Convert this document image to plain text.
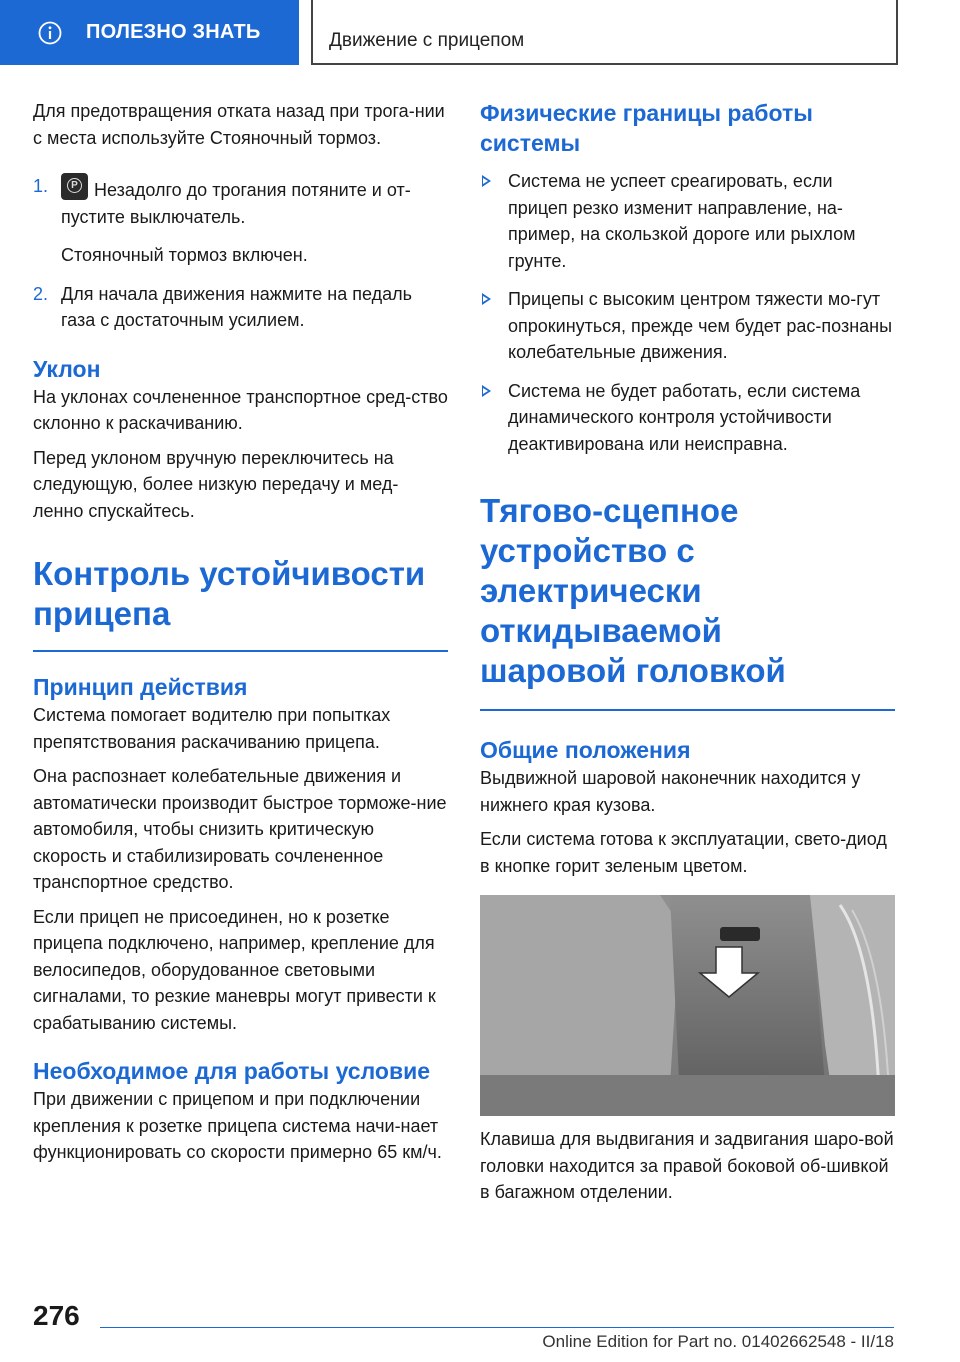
ПОЛЕЗНО ЗНАТЬ	Движение с прицепом

Для предотвращения отката назад при трога-нии с места используйте Стояночный тормоз.

1.

P	Незадолго до трогания потяните и от-пустите выключатель.

Стояночный тормоз включен.

2. Для начала движения нажмите на педаль газа с достаточным усилием.

Уклон

На уклонах сочлененное транспортное сред-ство склонно к раскачиванию.

Перед уклоном вручную переключитесь на следующую, более низкую передачу и мед-ленно спускайтесь.

Контроль устойчивости прицепа
Принцип действия

Система помогает водителю при попытках препятствования раскачиванию прицепа.

Она распознает колебательные движения и автоматически производит быстрое торможе-ние автомобиля, чтобы снизить критическую скорость и стабилизировать сочлененное транспортное средство.

Если прицеп не присоединен, но к розетке прицепа подключено, например, крепление для велосипедов, оборудованное световыми сигналами, то резкие маневры могут привести к срабатыванию системы.

Необходимое для работы условие

При движении с прицепом и при подключении крепления к розетке прицепа система начи-нает функционировать со скорости примерно 65 км/ч.

Физические границы работы системы

Система не успеет среагировать, если прицеп резко изменит направление, на-пример, на скользкой дороге или рыхлом грунте.

Прицепы с высоким центром тяжести мо-гут опрокинуться, прежде чем будет рас-познаны колебательные движения.

Система не будет работать, если система динамического контроля устойчивости деактивирована или неисправна.

Тягово-сцепное устройство с электрически откидываемой шаровой головкой
Общие положения

Выдвижной шаровой наконечник находится у нижнего края кузова.

Если система готова к эксплуатации, свето-диод в кнопке горит зеленым цветом.

Клавиша для выдвигания и задвигания шаро-вой головки находится за правой боковой об-шивкой в багажном отделении.

276
Online Edition for Part no. 01402662548 - II/18
